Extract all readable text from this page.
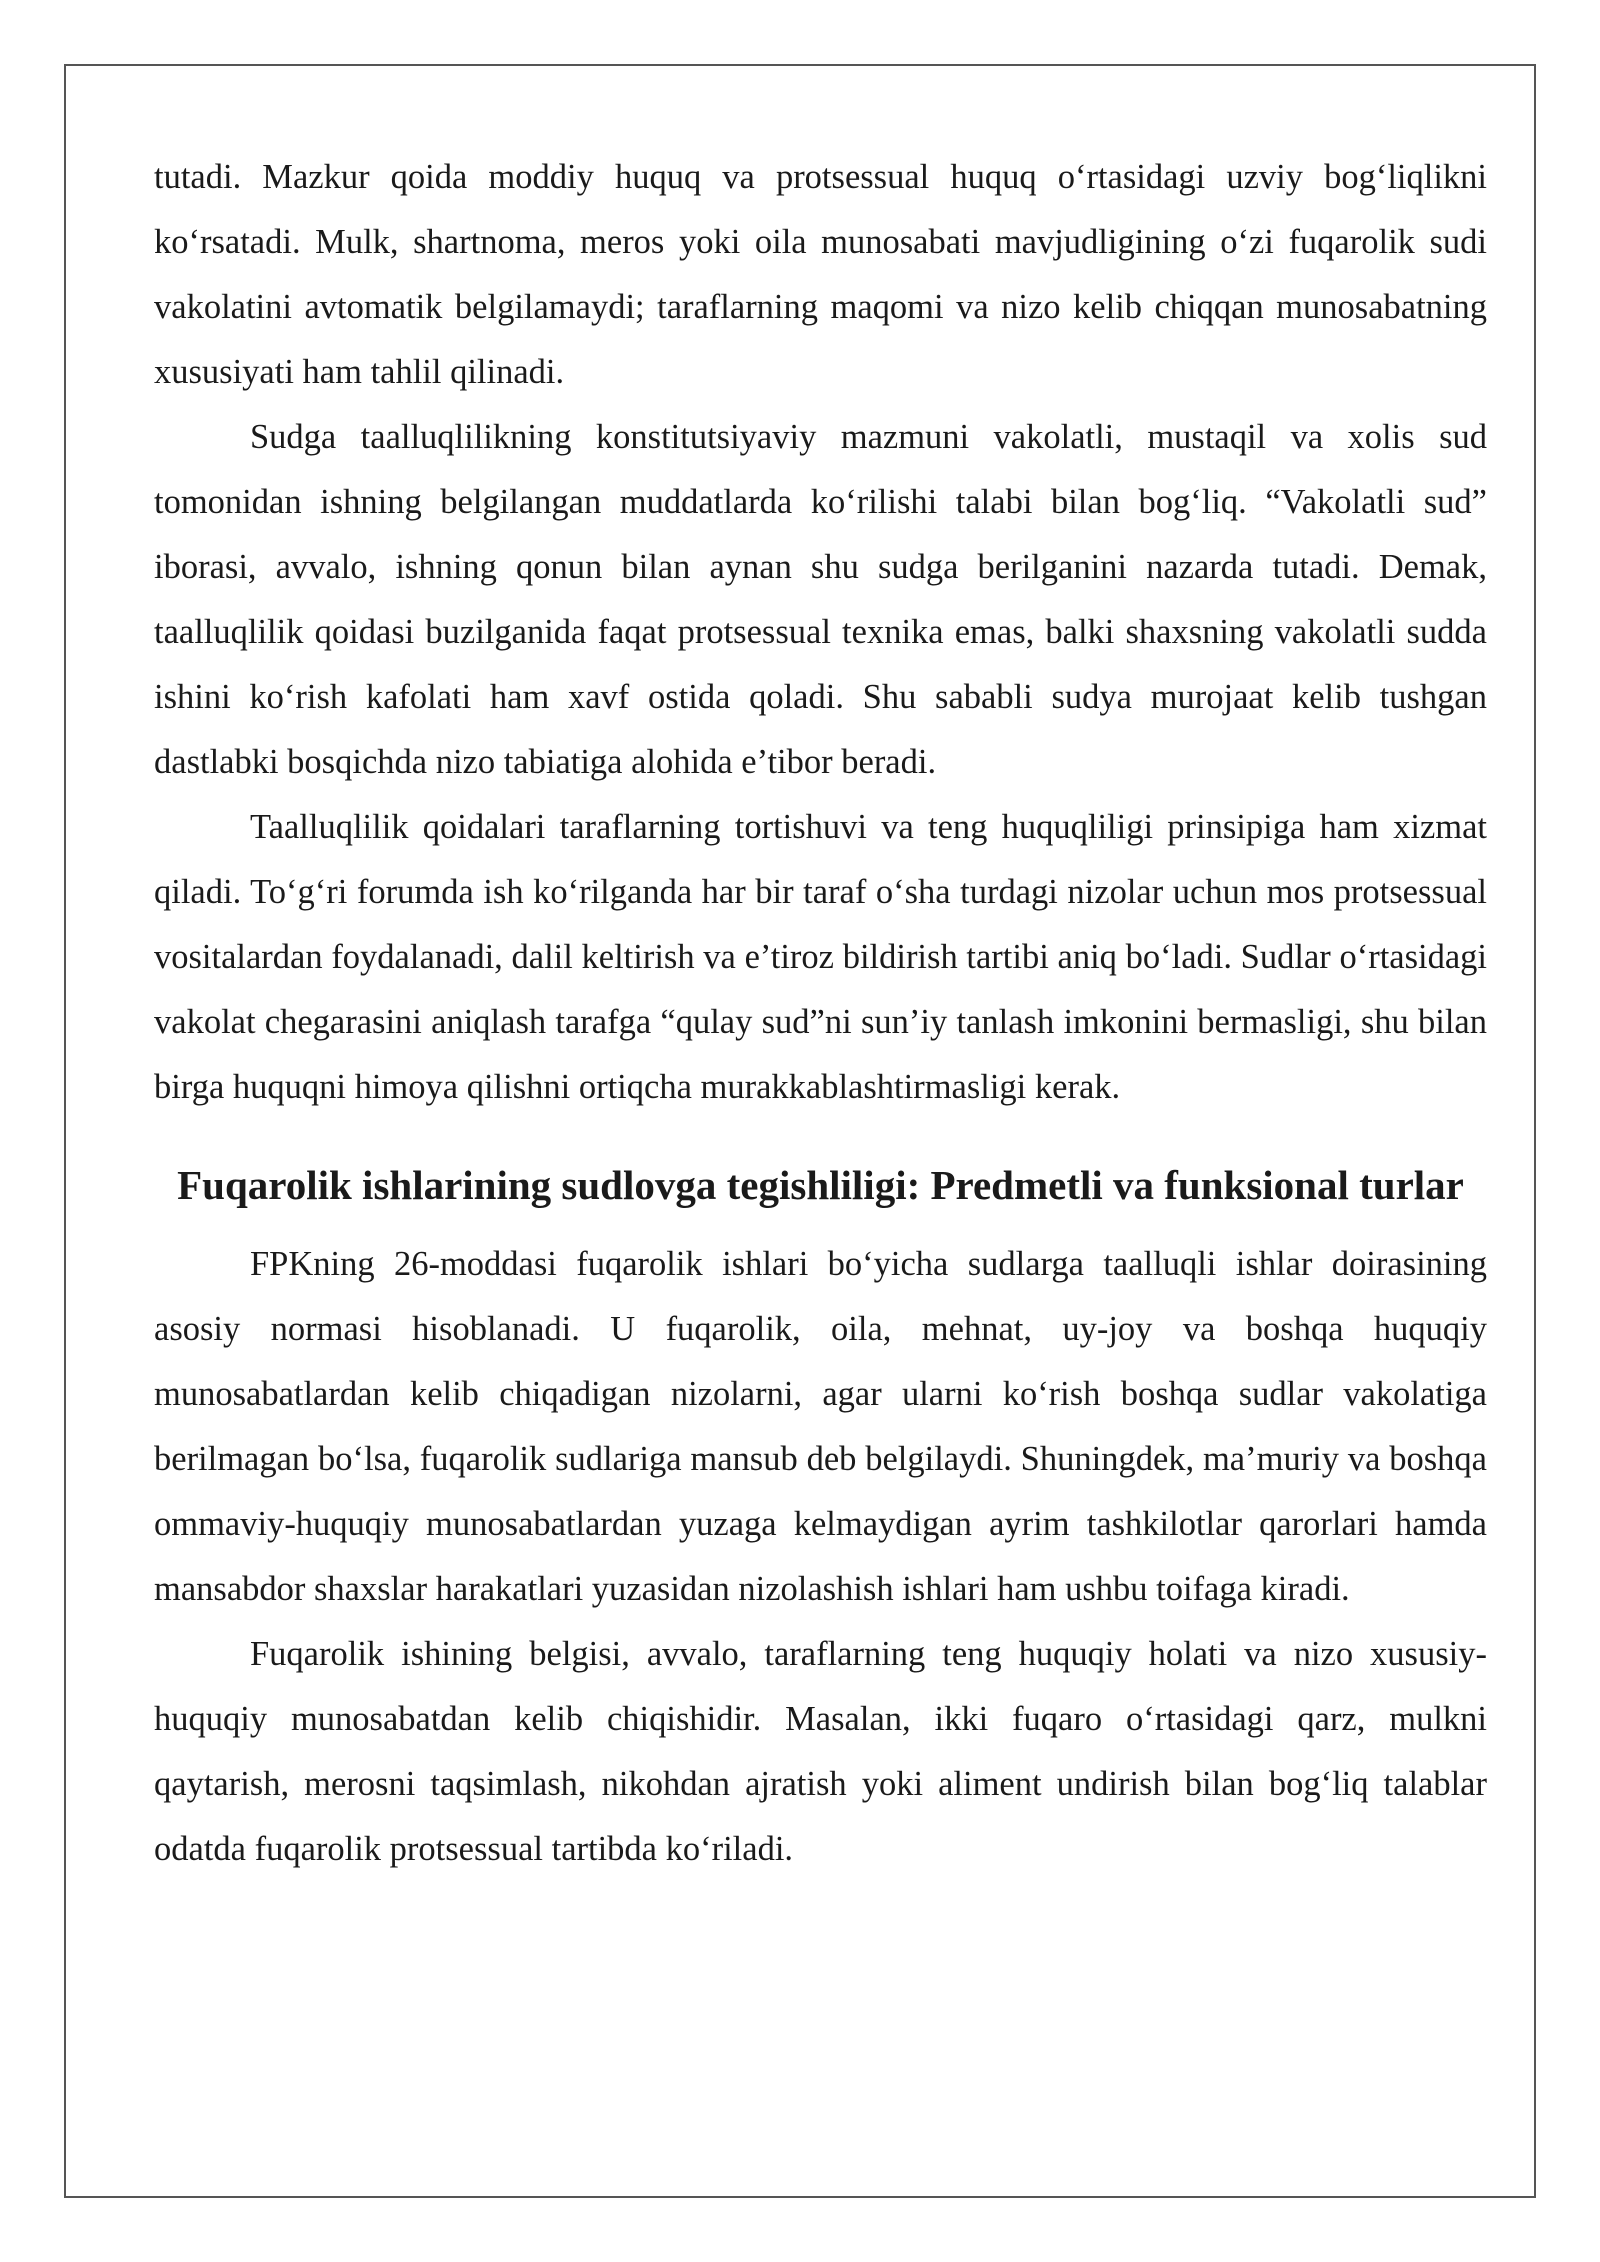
tutadi. Mazkur qoida moddiy huquq va protsessual huquq o‘rtasidagi uzviy bog‘liqlikni ko‘rsatadi. Mulk, shartnoma, meros yoki oila munosabati mavjudligining o‘zi fuqarolik sudi vakolatini avtomatik belgilamaydi; taraflarning maqomi va nizo kelib chiqqan munosabatning xususiyati ham tahlil qilinadi.

Sudga taalluqlilikning konstitutsiyaviy mazmuni vakolatli, mustaqil va xolis sud tomonidan ishning belgilangan muddatlarda ko‘rilishi talabi bilan bog‘liq. “Vakolatli sud” iborasi, avvalo, ishning qonun bilan aynan shu sudga berilganini nazarda tutadi. Demak, taalluqlilik qoidasi buzilganida faqat protsessual texnika emas, balki shaxsning vakolatli sudda ishini ko‘rish kafolati ham xavf ostida qoladi. Shu sababli sudya murojaat kelib tushgan dastlabki bosqichda nizo tabiatiga alohida e’tibor beradi.

Taalluqlilik qoidalari taraflarning tortishuvi va teng huquqliligi prinsipiga ham xizmat qiladi. To‘g‘ri forumda ish ko‘rilganda har bir taraf o‘sha turdagi nizolar uchun mos protsessual vositalardan foydalanadi, dalil keltirish va e’tiroz bildirish tartibi aniq bo‘ladi. Sudlar o‘rtasidagi vakolat chegarasini aniqlash tarafga “qulay sud”ni sun’iy tanlash imkonini bermasligi, shu bilan birga huquqni himoya qilishni ortiqcha murakkablashtirmasligi kerak.

Fuqarolik ishlarining sudlovga tegishliligi: Predmetli va funksional turlar

FPKning 26-moddasi fuqarolik ishlari bo‘yicha sudlarga taalluqli ishlar doirasining asosiy normasi hisoblanadi. U fuqarolik, oila, mehnat, uy-joy va boshqa huquqiy munosabatlardan kelib chiqadigan nizolarni, agar ularni ko‘rish boshqa sudlar vakolatiga berilmagan bo‘lsa, fuqarolik sudlariga mansub deb belgilaydi. Shuningdek, ma’muriy va boshqa ommaviy-huquqiy munosabatlardan yuzaga kelmaydigan ayrim tashkilotlar qarorlari hamda mansabdor shaxslar harakatlari yuzasidan nizolashish ishlari ham ushbu toifaga kiradi.

Fuqarolik ishining belgisi, avvalo, taraflarning teng huquqiy holati va nizo xususiy-huquqiy munosabatdan kelib chiqishidir. Masalan, ikki fuqaro o‘rtasidagi qarz, mulkni qaytarish, merosni taqsimlash, nikohdan ajratish yoki aliment undirish bilan bog‘liq talablar odatda fuqarolik protsessual tartibda ko‘riladi.
